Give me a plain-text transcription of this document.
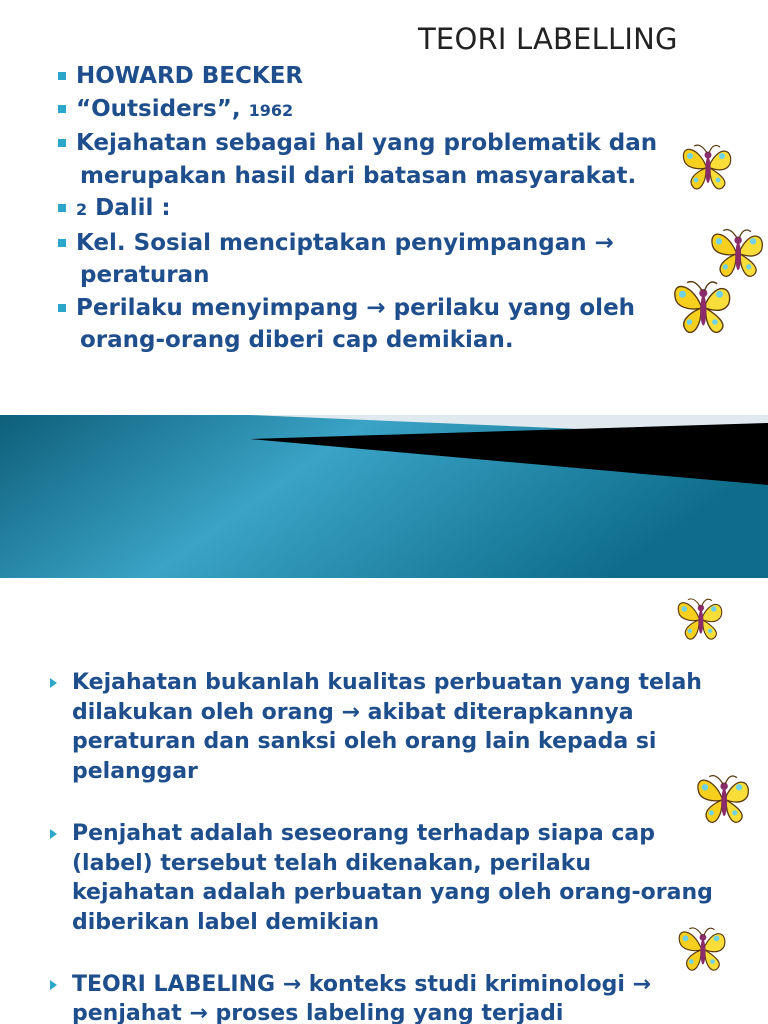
TEORI LABELLING
HOWARD BECKER
“Outsiders”, 1962
Kejahatan sebagai hal yang problematik dan
merupakan hasil dari batasan masyarakat.
2 Dalil :
Kel. Sosial menciptakan penyimpangan →
peraturan
Perilaku menyimpang → perilaku yang oleh
orang-orang diberi cap demikian.
Kejahatan bukanlah kualitas perbuatan yang telah dilakukan oleh orang → akibat diterapkannya peraturan dan sanksi oleh orang lain kepada si pelanggar
Penjahat adalah seseorang terhadap siapa cap (label) tersebut telah dikenakan, perilaku kejahatan adalah perbuatan yang oleh orang-orang diberikan label demikian
TEORI LABELING → konteks studi kriminologi → penjahat → proses labeling yang terjadi
